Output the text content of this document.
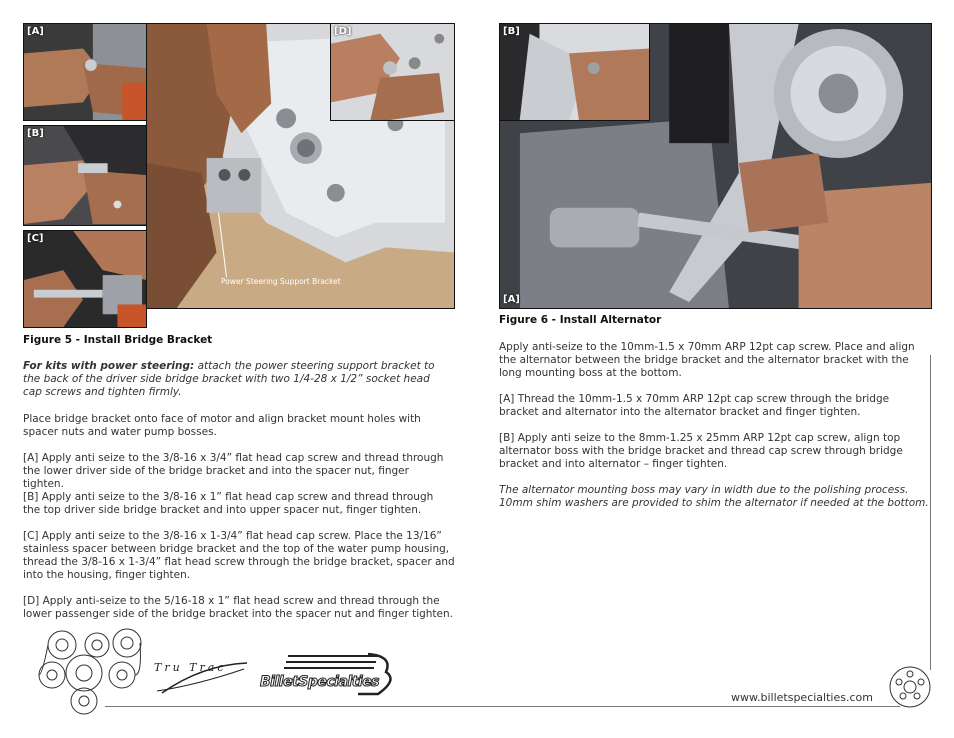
Power Steering Support Bracket
[A]
[B]
[C]
[D]
Figure 5 - Install Bridge Bracket

For kits with power steering: attach the power steering support bracket to the back of the driver side bridge bracket with two 1/4-28 x 1/2” socket head cap screws and tighten firmly.

Place bridge bracket onto face of motor and align bracket mount holes with spacer nuts and water pump bosses.

[A] Apply anti seize to the 3/8-16 x 3/4” flat head cap screw and thread through the lower driver side of the bridge bracket and into the spacer nut, finger tighten.

[B] Apply anti seize to the 3/8-16 x 1” flat head cap screw and thread through the top driver side bridge bracket and into upper spacer nut, finger tighten.

[C] Apply anti seize to the 3/8-16 x 1-3/4” flat head cap screw. Place the 13/16” stainless spacer between bridge bracket and the top of the water pump housing, thread the 3/8-16 x 1-3/4” flat head screw through the bridge bracket, spacer and into the housing, finger tighten.

[D] Apply anti-seize to the 5/16-18 x 1” flat head screw and thread through the lower passenger side of the bridge bracket into the spacer nut and finger tighten.

[A]
[B]
Figure 6 - Install Alternator

Apply anti-seize to the 10mm-1.5 x 70mm ARP 12pt cap screw. Place and align the alternator between the bridge bracket and the alternator bracket with the long mounting boss at the bottom.

[A] Thread the 10mm-1.5 x 70mm ARP 12pt cap screw through the bridge bracket and alternator into the alternator bracket and finger tighten.

[B] Apply anti seize to the 8mm-1.25 x 25mm ARP 12pt cap screw, align top alternator boss with the bridge bracket and thread cap screw through bridge bracket and into alternator – finger tighten.

The alternator mounting boss may vary in width due to the polishing process. 10mm shim washers are provided to shim the alternator if needed at the bottom.

Tru Trac
BilletSpecialties
www.billetspecialties.com
